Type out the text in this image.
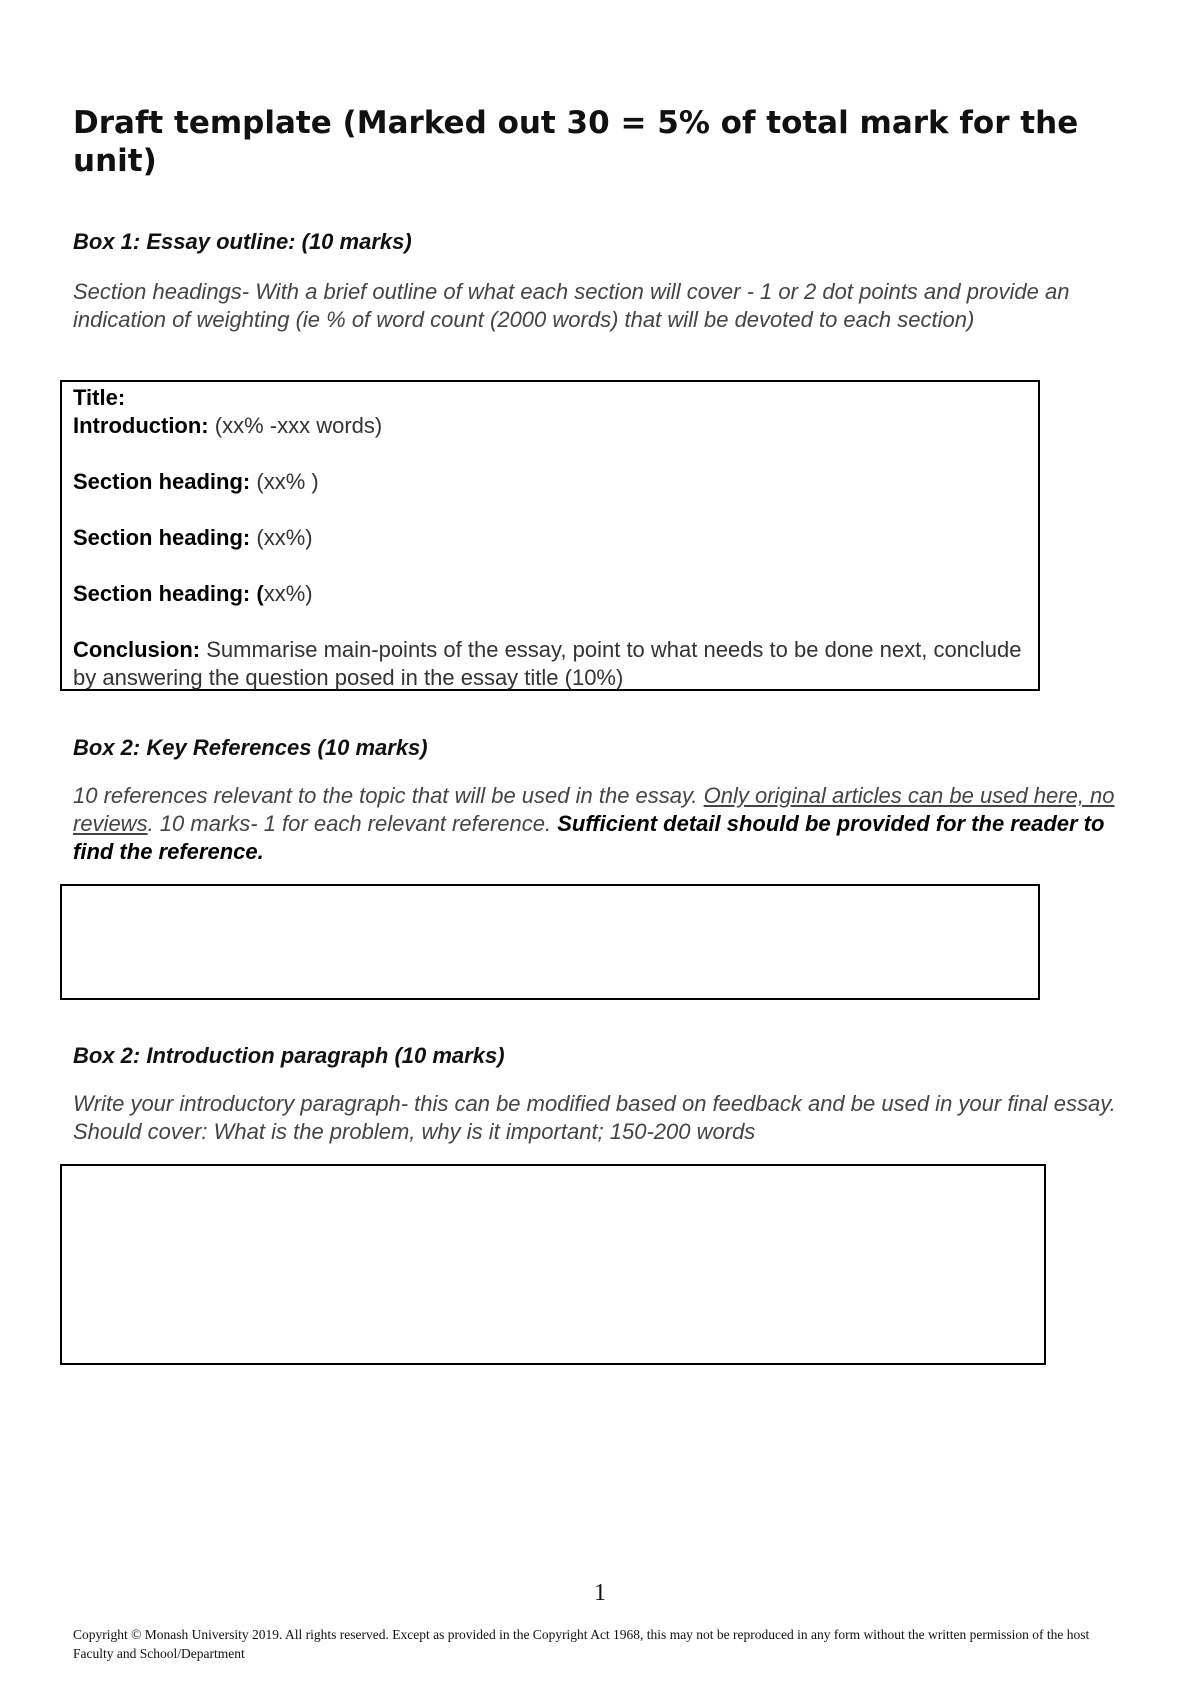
Draft template (Marked out 30 = 5% of total mark for the unit)

Box 1: Essay outline: (10 marks)

Section headings- With a brief outline of what each section will cover - 1 or 2 dot points and provide an indication of weighting (ie % of word count (2000 words) that will be devoted to each section)

Title:

Introduction: (xx% -xxx words)

Section heading: (xx% )

Section heading: (xx%)

Section heading: (xx%)

Conclusion: Summarise main-points of the essay, point to what needs to be done next, conclude by answering the question posed in the essay title (10%)

Box 2: Key References (10 marks)

10 references relevant to the topic that will be used in the essay. Only original articles can be used here, no reviews. 10 marks- 1 for each relevant reference. Sufficient detail should be provided for the reader to find the reference.

Box 2: Introduction paragraph (10 marks)

Write your introductory paragraph- this can be modified based on feedback and be used in your final essay. Should cover: What is the problem, why is it important; 150-200 words

1
Copyright © Monash University 2019. All rights reserved. Except as provided in the Copyright Act 1968, this may not be reproduced in any form without the written permission of the host Faculty and School/Department
